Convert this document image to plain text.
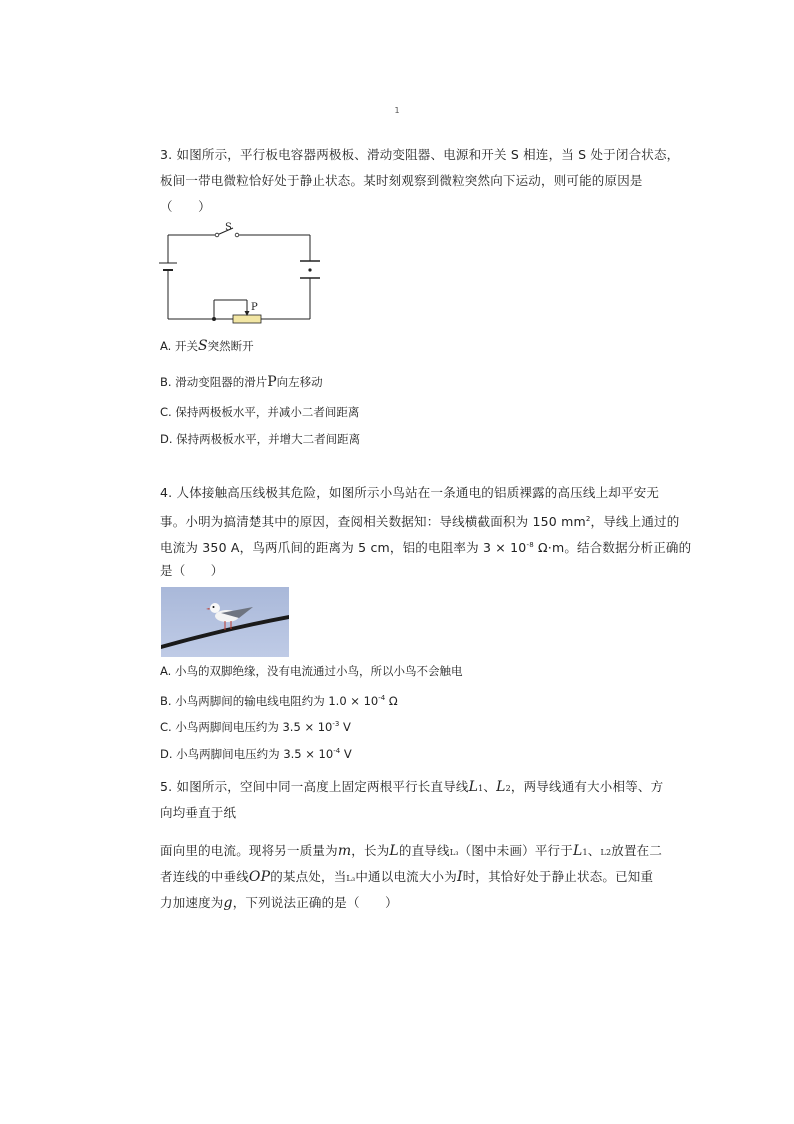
1
3. 如图所示，平行板电容器两极板、滑动变阻器、电源和开关 S 相连，当 S 处于闭合状态，
板间一带电微粒恰好处于静止状态。某时刻观察到微粒突然向下运动，则可能的原因是
（　　）
S
P
A. 开关S突然断开
B. 滑动变阻器的滑片P向左移动
C. 保持两极板水平，并减小二者间距离
D. 保持两极板水平，并增大二者间距离
4. 人体接触高压线极其危险，如图所示小鸟站在一条通电的铝质裸露的高压线上却平安无
事。小明为搞清楚其中的原因，查阅相关数据知：导线横截面积为 150 $mm^2$，导线上通过的
电流为 350 A，鸟两爪间的距离为 5 cm，铝的电阻率为 $3 \times 10^{-8}$ Ω·m。结合数据分析正确的
是（　　）
A. 小鸟的双脚绝缘，没有电流通过小鸟，所以小鸟不会触电
B. 小鸟两脚间的输电线电阻约为 $1.0 \times 10^{-4}$ Ω
C. 小鸟两脚间电压约为 $3.5 \times 10^{-3}$ V
D. 小鸟两脚间电压约为 $3.5 \times 10^{-4}$ V
5. 如图所示，空间中同一高度上固定两根平行长直导线L1、L2，两导线通有大小相等、方
向均垂直于纸
面向里的电流。现将另一质量为m，长为L的直导线L₃（图中未画）平行于L1、L2放置在二
者连线的中垂线OP的某点处，当L₃中通以电流大小为I时，其恰好处于静止状态。已知重
力加速度为g，下列说法正确的是（　　）
